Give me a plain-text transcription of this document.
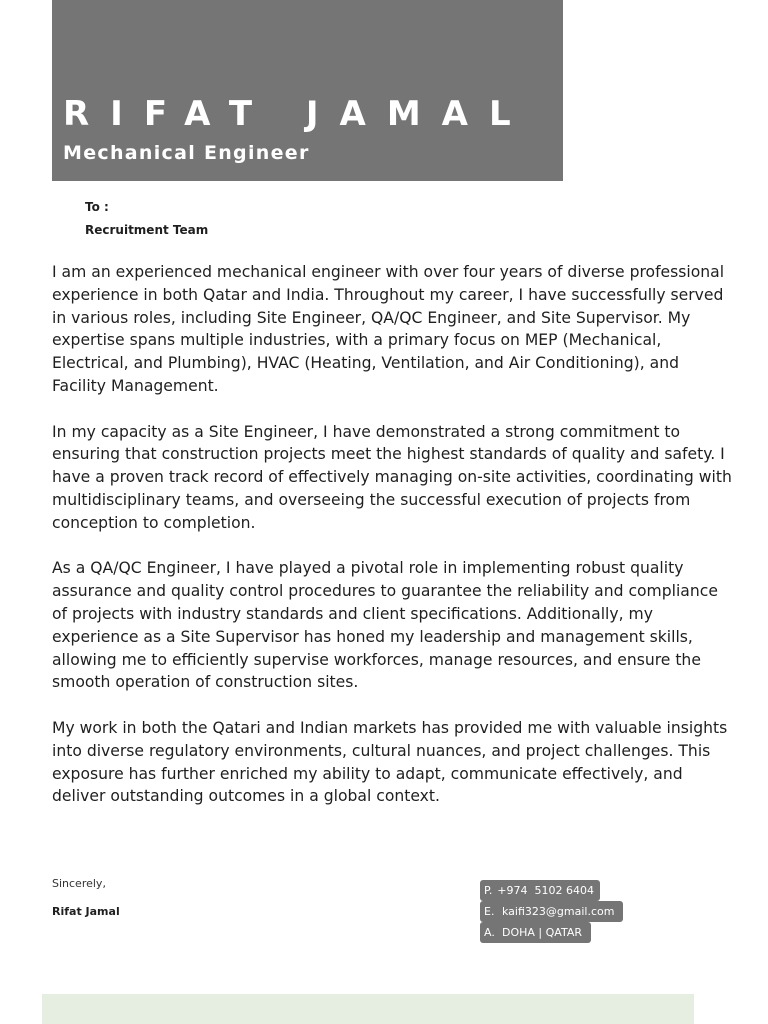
RIFAT JAMAL
Mechanical Engineer
To :
Recruitment Team

I am an experienced mechanical engineer with over four years of diverse professional experience in both Qatar and India. Throughout my career, I have successfully served in various roles, including Site Engineer, QA/QC Engineer, and Site Supervisor. My expertise spans multiple industries, with a primary focus on MEP (Mechanical, Electrical, and Plumbing), HVAC (Heating, Ventilation, and Air Conditioning), and Facility Management.

In my capacity as a Site Engineer, I have demonstrated a strong commitment to ensuring that construction projects meet the highest standards of quality and safety. I have a proven track record of effectively managing on-site activities, coordinating with multidisciplinary teams, and overseeing the successful execution of projects from conception to completion.

As a QA/QC Engineer, I have played a pivotal role in implementing robust quality assurance and quality control procedures to guarantee the reliability and compliance of projects with industry standards and client specifications. Additionally, my experience as a Site Supervisor has honed my leadership and management skills, allowing me to efficiently supervise workforces, manage resources, and ensure the smooth operation of construction sites.

My work in both the Qatari and Indian markets has provided me with valuable insights into diverse regulatory environments, cultural nuances, and project challenges. This exposure has further enriched my ability to adapt, communicate effectively, and deliver outstanding outcomes in a global context.

Sincerely,
Rifat Jamal
P. +974  5102 6404
E. kaifi323@gmail.com
A. DOHA | QATAR
